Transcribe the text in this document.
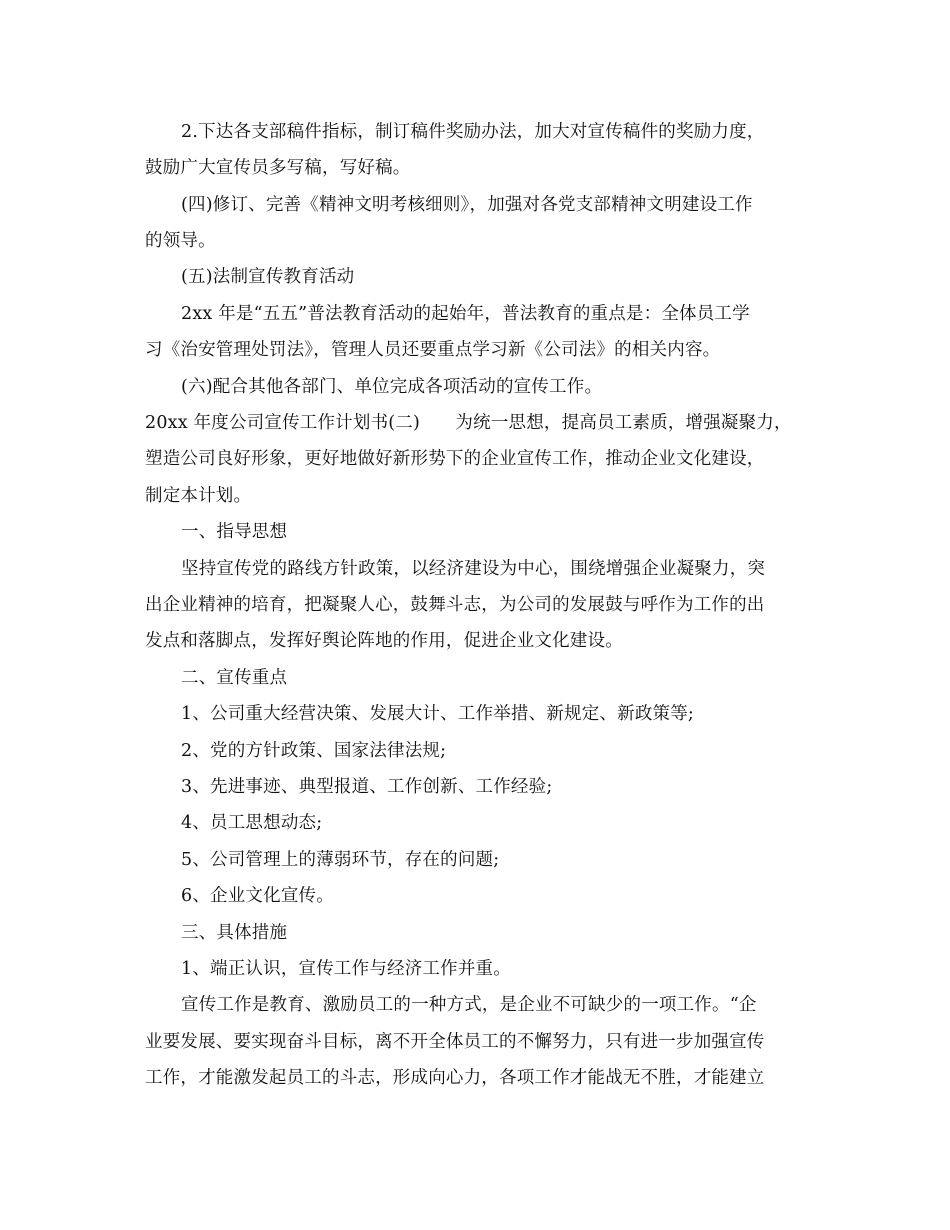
2.下达各支部稿件指标，制订稿件奖励办法，加大对宣传稿件的奖励力度，
鼓励广大宣传员多写稿，写好稿。
(四)修订、完善《精神文明考核细则》，加强对各党支部精神文明建设工作
的领导。
(五)法制宣传教育活动
2xx 年是“五五”普法教育活动的起始年，普法教育的重点是：全体员工学
习《治安管理处罚法》，管理人员还要重点学习新《公司法》的相关内容。
(六)配合其他各部门、单位完成各项活动的宣传工作。
20xx 年度公司宣传工作计划书(二)　　为统一思想，提高员工素质，增强凝聚力，
塑造公司良好形象，更好地做好新形势下的企业宣传工作，推动企业文化建设，
制定本计划。
一、指导思想
坚持宣传党的路线方针政策，以经济建设为中心，围绕增强企业凝聚力，突
出企业精神的培育，把凝聚人心，鼓舞斗志，为公司的发展鼓与呼作为工作的出
发点和落脚点，发挥好舆论阵地的作用，促进企业文化建设。
二、宣传重点
1、公司重大经营决策、发展大计、工作举措、新规定、新政策等;
2、党的方针政策、国家法律法规;
3、先进事迹、典型报道、工作创新、工作经验;
4、员工思想动态;
5、公司管理上的薄弱环节，存在的问题;
6、企业文化宣传。
三、具体措施
1、端正认识，宣传工作与经济工作并重。
宣传工作是教育、激励员工的一种方式，是企业不可缺少的一项工作。“企
业要发展、要实现奋斗目标，离不开全体员工的不懈努力，只有进一步加强宣传
工作，才能激发起员工的斗志，形成向心力，各项工作才能战无不胜，才能建立
